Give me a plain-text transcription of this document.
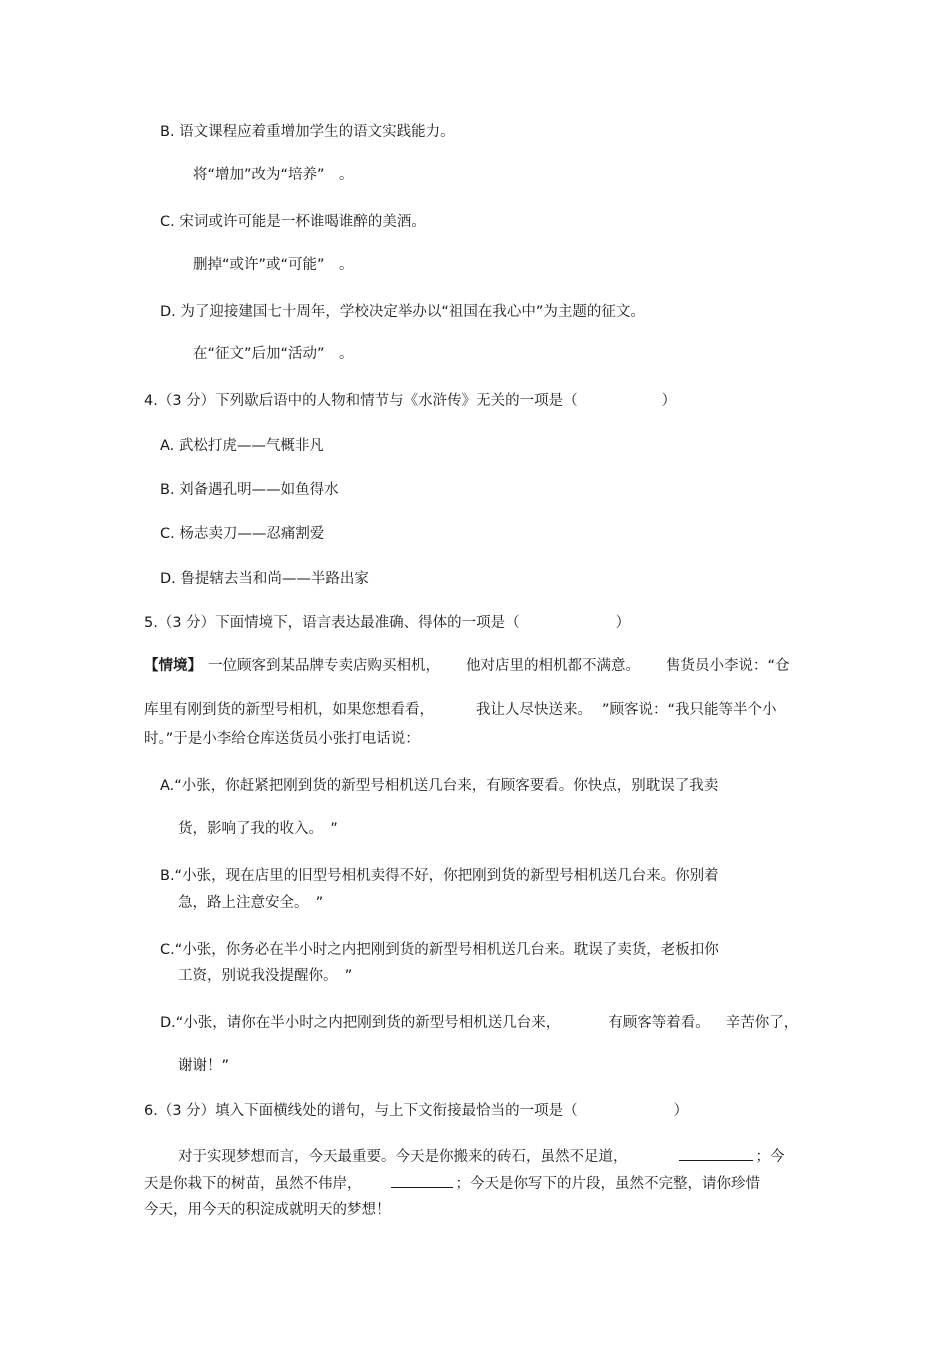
B. 语文课程应着重增加学生的语文实践能力。
将“增加”改为“培养”　。
C. 宋词或许可能是一杯谁喝谁醉的美酒。
删掉“或许”或“可能”　。
D. 为了迎接建国七十周年，学校决定举办以“祖国在我心中”为主题的征文。
在“征文”后加“活动”　。
4.（3 分）下列歇后语中的人物和情节与《水浒传》无关的一项是（	）
A. 武松打虎——气概非凡
B. 刘备遇孔明——如鱼得水
C. 杨志卖刀——忍痛割爱
D. 鲁提辖去当和尚——半路出家
5.（3 分）下面情境下，语言表达最准确、得体的一项是（	）
【情境】 一位顾客到某品牌专卖店购买相机， 他对店里的相机都不满意。 售货员小李说：“仓
库里有刚到货的新型号相机，如果您想看看，	我让人尽快送来。 ”顾客说：“我只能等半个小
时。”于是小李给仓库送货员小张打电话说：
A.“小张，你赶紧把刚到货的新型号相机送几台来，有顾客要看。你快点，别耽误了我卖
货，影响了我的收入。　”
B.“小张，现在店里的旧型号相机卖得不好，你把刚到货的新型号相机送几台来。你别着
急，路上注意安全。　”
C.“小张，你务必在半小时之内把刚到货的新型号相机送几台来。耽误了卖货，老板扣你
工资，别说我没提醒你。　”
D.“小张，请你在半小时之内把刚到货的新型号相机送几台来，	有顾客等着看。 辛苦你了，
谢谢！”
6.（3 分）填入下面横线处的谱句，与上下文衔接最恰当的一项是（	）
对于实现梦想而言，今天最重要。今天是你搬来的砖石，虽然不足道，	；今
天是你栽下的树苗，虽然不伟岸，	；今天是你写下的片段，虽然不完整，请你珍惜
今天，用今天的积淀成就明天的梦想！
